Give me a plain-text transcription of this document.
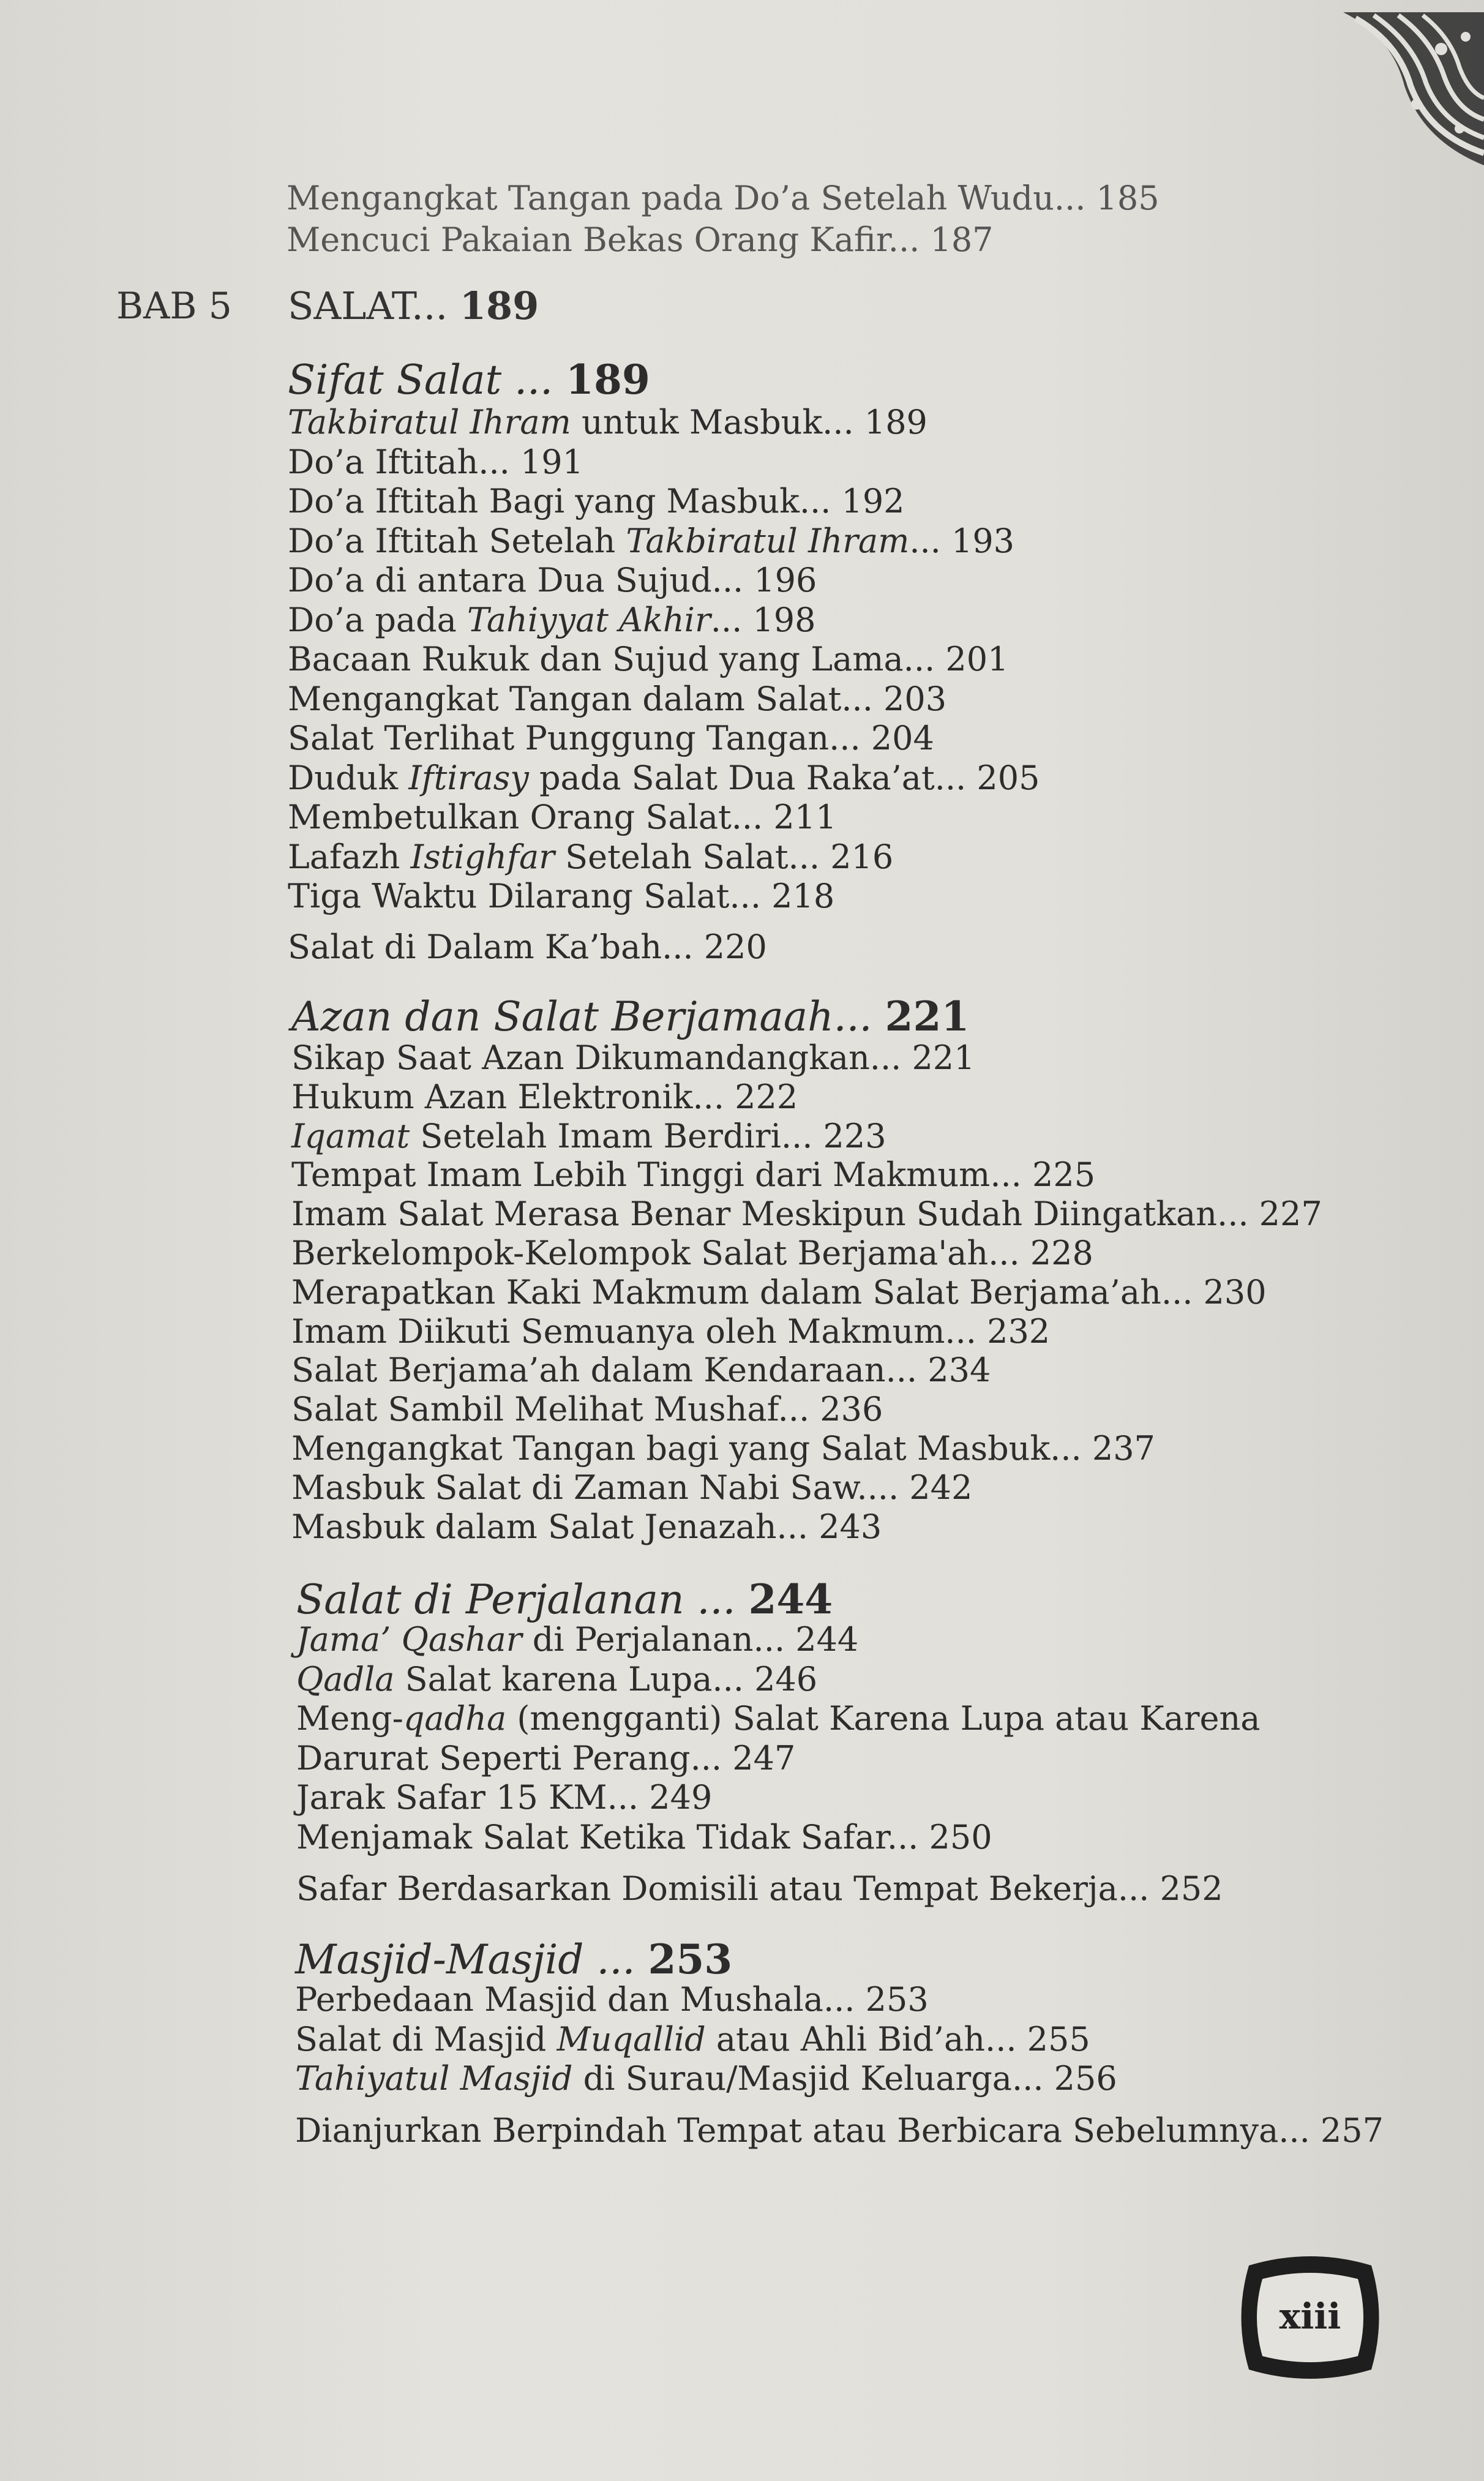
Mengangkat Tangan pada Do’a Setelah Wudu... 185
Mencuci Pakaian Bekas Orang Kafir... 187
BAB 5 SALAT... 189
Sifat Salat ... 189
Takbiratul Ihram untuk Masbuk... 189
Do’a Iftitah... 191
Do’a Iftitah Bagi yang Masbuk... 192
Do’a Iftitah Setelah Takbiratul Ihram... 193
Do’a di antara Dua Sujud... 196
Do’a pada Tahiyyat Akhir... 198
Bacaan Rukuk dan Sujud yang Lama... 201
Mengangkat Tangan dalam Salat... 203
Salat Terlihat Punggung Tangan... 204
Duduk Iftirasy pada Salat Dua Raka’at... 205
Membetulkan Orang Salat... 211
Lafazh Istighfar Setelah Salat... 216
Tiga Waktu Dilarang Salat... 218
Salat di Dalam Ka’bah... 220
Azan dan Salat Berjamaah... 221
Sikap Saat Azan Dikumandangkan... 221
Hukum Azan Elektronik... 222
Iqamat Setelah Imam Berdiri... 223
Tempat Imam Lebih Tinggi dari Makmum... 225
Imam Salat Merasa Benar Meskipun Sudah Diingatkan... 227
Berkelompok-Kelompok Salat Berjama'ah... 228
Merapatkan Kaki Makmum dalam Salat Berjama’ah... 230
Imam Diikuti Semuanya oleh Makmum... 232
Salat Berjama’ah dalam Kendaraan... 234
Salat Sambil Melihat Mushaf... 236
Mengangkat Tangan bagi yang Salat Masbuk... 237
Masbuk Salat di Zaman Nabi Saw.... 242
Masbuk dalam Salat Jenazah... 243
Salat di Perjalanan ... 244
Jama’ Qashar di Perjalanan... 244
Qadla Salat karena Lupa... 246
Meng-qadha (mengganti) Salat Karena Lupa atau Karena
Darurat Seperti Perang... 247
Jarak Safar 15 KM... 249
Menjamak Salat Ketika Tidak Safar... 250
Safar Berdasarkan Domisili atau Tempat Bekerja... 252
Masjid-Masjid ... 253
Perbedaan Masjid dan Mushala... 253
Salat di Masjid Muqallid atau Ahli Bid’ah... 255
Tahiyatul Masjid di Surau/Masjid Keluarga... 256
Dianjurkan Berpindah Tempat atau Berbicara Sebelumnya... 257
xiii
